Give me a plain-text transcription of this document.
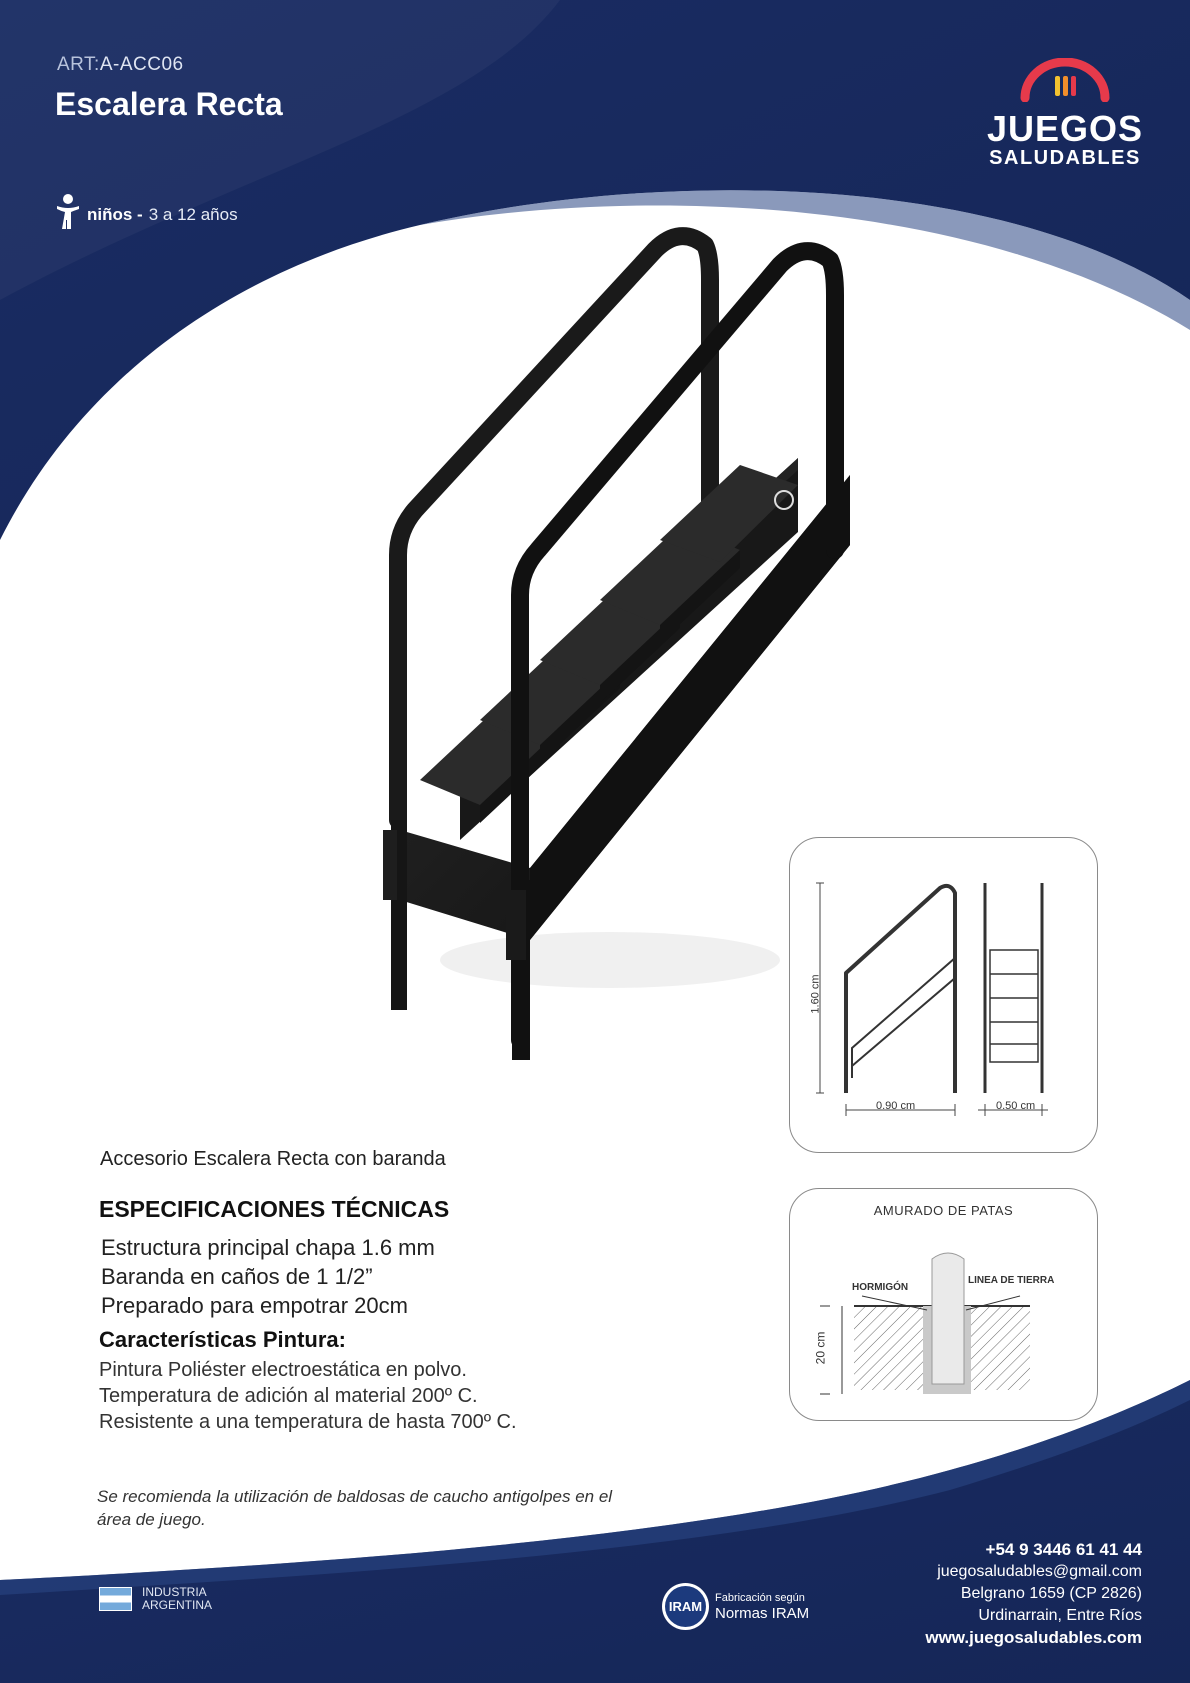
ART:A-ACC06
Escalera Recta
niños - 3 a 12 años
JUEGOS
SALUDABLES
1.60 cm
0.90 cm	0.50 cm
AMURADO DE PATAS
HORMIGÓN
LINEA DE TIERRA
20 cm
Accesorio Escalera Recta con baranda
ESPECIFICACIONES TÉCNICAS
Estructura principal chapa 1.6 mm
Baranda en caños de 1 1/2”
Preparado para empotrar 20cm
Características Pintura:
Pintura Poliéster electroestática en polvo.
Temperatura de adición al material 200º C.
Resistente a una temperatura de hasta 700º C.
Se recomienda la utilización de baldosas de caucho antigolpes en el área de juego.
+54 9 3446 61 41 44
juegosaludables@gmail.com
Belgrano 1659 (CP 2826)
Urdinarrain, Entre Ríos
www.juegosaludables.com
INDUSTRIA
ARGENTINA	IRAM
Fabricación según
Normas IRAM
